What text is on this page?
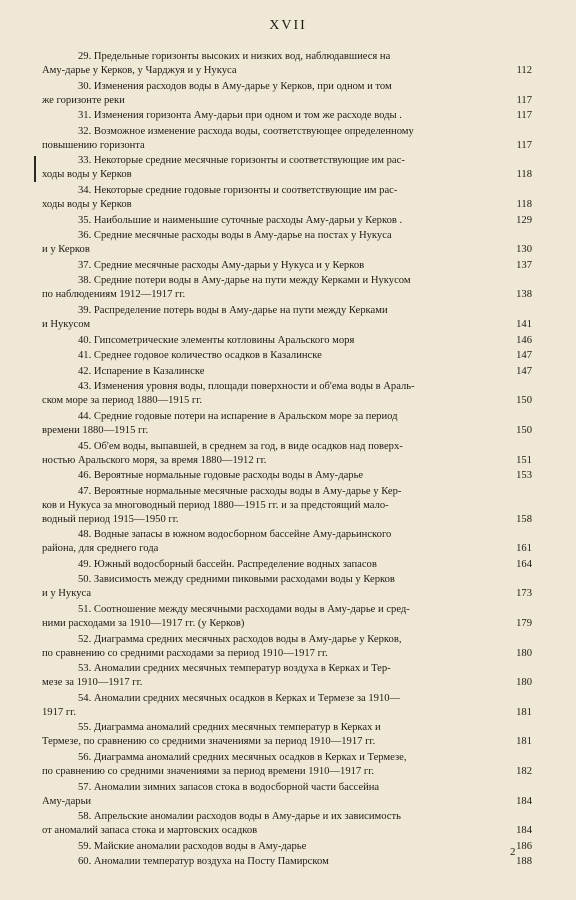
XVII
29. Предельные горизонты высоких и низких вод, наблюдавшиеся на
Аму-дарье у Керков, у Чарджуя и у Нукуса	112
30. Изменения расходов воды в Аму-дарье у Керков, при одном и том
же горизонте реки	117
31. Изменения горизонта Аму-дарьи при одном и том же расходе воды .	117
32. Возможное изменение расхода воды, соответствующее определенному
повышению горизонта	117
33. Некоторые средние месячные горизонты и соответствующие им рас-
ходы воды у Керков	118
34. Некоторые средние годовые горизонты и соответствующие им рас-
ходы воды у Керков	118
35. Наибольшие и наименьшие суточные расходы Аму-дарьи у Керков .	129
36. Средние месячные расходы воды в Аму-дарье на постах у Нукуса
и у Керков	130
37. Средние месячные расходы Аму-дарьи у Нукуса и у Керков	137
38. Средние потери воды в Аму-дарье на пути между Керками и Нукусом
по наблюдениям 1912—1917 гг.	138
39. Распределение потерь воды в Аму-дарье на пути между Керками
и Нукусом	141
40. Гипсометрические элементы котловины Аральского моря	146
41. Среднее годовое количество осадков в Казалинске	147
42. Испарение в Казалинске	147
43. Изменения уровня воды, площади поверхности и об'ема воды в Араль-
ском море за период 1880—1915 гг.	150
44. Средние годовые потери на испарение в Аральском море за период
времени 1880—1915 гг.	150
45. Об'ем воды, выпавшей, в среднем за год, в виде осадков над поверх-
ностью Аральского моря, за время 1880—1912 гг.	151
46. Вероятные нормальные годовые расходы воды в Аму-дарье	153
47. Вероятные нормальные месячные расходы воды в Аму-дарье у Кер-
ков и Нукуса за многоводный период 1880—1915 гг. и за предстоящий мало-
водный период 1915—1950 гг.	158
48. Водные запасы в южном водосборном бассейне Аму-дарьинского
района, для среднего года	161
49. Южный водосборный бассейн. Распределение водных запасов	164
50. Зависимость между средними пиковыми расходами воды у Керков
и у Нукуса	173
51. Соотношение между месячными расходами воды в Аму-дарье и сред-
ними расходами за 1910—1917 гг. (у Керков)	179
52. Диаграмма средних месячных расходов воды в Аму-дарье у Керков,
по сравнению со средними расходами за период 1910—1917 гг.	180
53. Аномалии средних месячных температур воздуха в Керках и Тер-
мезе за 1910—1917 гг.	180
54. Аномалии средних месячных осадков в Керках и Термезе за 1910—
1917 гг.	181
55. Диаграмма аномалий средних месячных температур в Керках и
Термезе, по сравнению со средними значениями за период 1910—1917 гг.	181
56. Диаграмма аномалий средних месячных осадков в Керках и Термезе,
по сравнению со средними значениями за период времени 1910—1917 гг.	182
57. Аномалии зимних запасов стока в водосборной части бассейна
Аму-дарьи	184
58. Апрельские аномалии расходов воды в Аму-дарье и их зависимость
от аномалий запаса стока и мартовских осадков	184
59. Майские аномалии расходов воды в Аму-дарье	186
60. Аномалии температур воздуха на Посту Памирском	188
2
